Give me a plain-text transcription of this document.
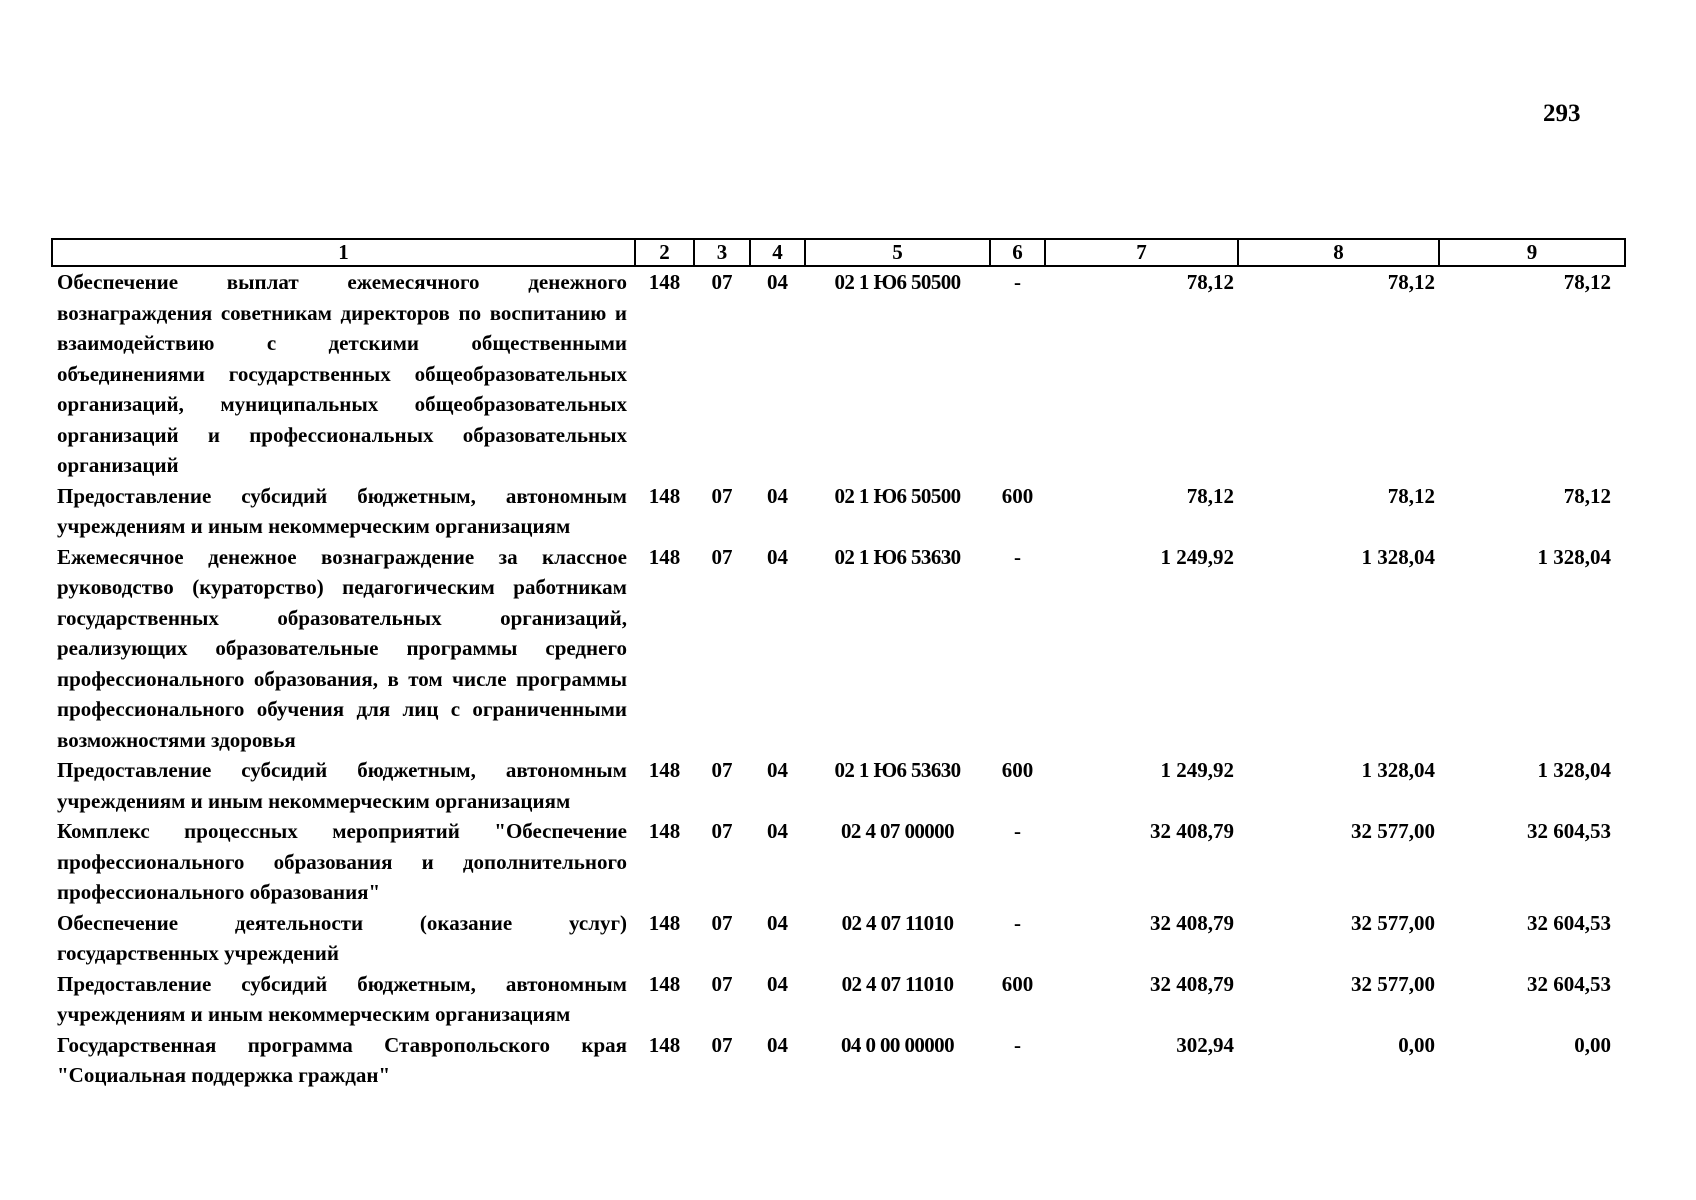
293
1	2	3	4	5	6	7	8	9
Обеспечение выплат ежемесячного денежного вознаграждения советникам директоров по воспитанию и взаимодействию с детскими общественными объединениями государственных общеобразовательных организаций, муниципальных общеобразовательных организаций и профессиональных образовательных организаций	148	07	04	02 1 Ю6 50500	-	78,12	78,12	78,12
Предоставление субсидий бюджетным, автономным учреждениям и иным некоммерческим организациям	148	07	04	02 1 Ю6 50500	600	78,12	78,12	78,12
Ежемесячное денежное вознаграждение за классное руководство (кураторство) педагогическим работникам государственных образовательных организаций, реализующих образовательные программы среднего профессионального образования, в том числе программы профессионального обучения для лиц с ограниченными возможностями здоровья	148	07	04	02 1 Ю6 53630	-	1 249,92	1 328,04	1 328,04
Предоставление субсидий бюджетным, автономным учреждениям и иным некоммерческим организациям	148	07	04	02 1 Ю6 53630	600	1 249,92	1 328,04	1 328,04
Комплекс процессных мероприятий "Обеспечение профессионального образования и дополнительного профессионального образования"	148	07	04	02 4 07 00000	-	32 408,79	32 577,00	32 604,53
Обеспечение деятельности (оказание услуг) государственных учреждений	148	07	04	02 4 07 11010	-	32 408,79	32 577,00	32 604,53
Предоставление субсидий бюджетным, автономным учреждениям и иным некоммерческим организациям	148	07	04	02 4 07 11010	600	32 408,79	32 577,00	32 604,53
Государственная программа Ставропольского края "Социальная поддержка граждан"	148	07	04	04 0 00 00000	-	302,94	0,00	0,00
